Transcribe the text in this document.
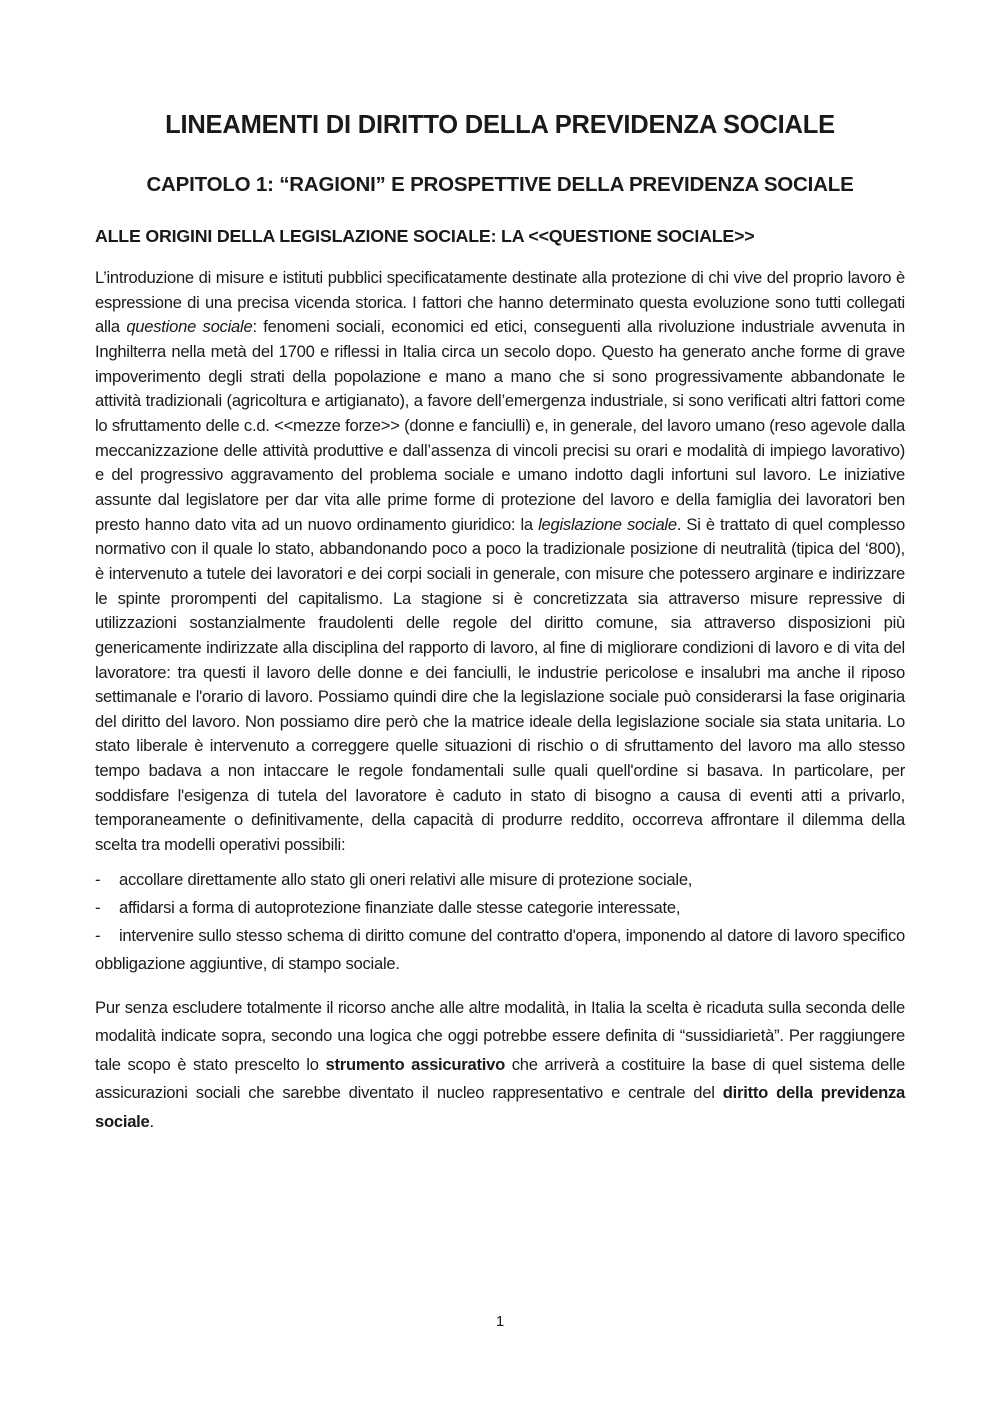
LINEAMENTI DI DIRITTO DELLA PREVIDENZA SOCIALE
CAPITOLO 1: “RAGIONI” E PROSPETTIVE DELLA PREVIDENZA SOCIALE
ALLE ORIGINI DELLA LEGISLAZIONE SOCIALE: LA <<QUESTIONE SOCIALE>>

L’introduzione di misure e istituti pubblici specificatamente destinate alla protezione di chi vive del proprio lavoro è espressione di una precisa vicenda storica. I fattori che hanno determinato questa evoluzione sono tutti collegati alla questione sociale: fenomeni sociali, economici ed etici, conseguenti alla rivoluzione industriale avvenuta in Inghilterra nella metà del 1700 e riflessi in Italia circa un secolo dopo. Questo ha generato anche forme di grave impoverimento degli strati della popolazione e mano a mano che si sono progressivamente abbandonate le attività tradizionali (agricoltura e artigianato), a favore dell’emergenza industriale, si sono verificati altri fattori come lo sfruttamento delle c.d. <<mezze forze>> (donne e fanciulli) e, in generale, del lavoro umano (reso agevole dalla meccanizzazione delle attività produttive e dall’assenza di vincoli precisi su orari e modalità di impiego lavorativo) e del progressivo aggravamento del problema sociale e umano indotto dagli infortuni sul lavoro. Le iniziative assunte dal legislatore per dar vita alle prime forme di protezione del lavoro e della famiglia dei lavoratori ben presto hanno dato vita ad un nuovo ordinamento giuridico: la legislazione sociale. Si è trattato di quel complesso normativo con il quale lo stato, abbandonando poco a poco la tradizionale posizione di neutralità (tipica del ‘800), è intervenuto a tutele dei lavoratori e dei corpi sociali in generale, con misure che potessero arginare e indirizzare le spinte prorompenti del capitalismo. La stagione si è concretizzata sia attraverso misure repressive di utilizzazioni sostanzialmente fraudolenti delle regole del diritto comune, sia attraverso disposizioni più genericamente indirizzate alla disciplina del rapporto di lavoro, al fine di migliorare condizioni di lavoro e di vita del lavoratore: tra questi il lavoro delle donne e dei fanciulli, le industrie pericolose e insalubri ma anche il riposo settimanale e l'orario di lavoro. Possiamo quindi dire che la legislazione sociale può considerarsi la fase originaria del diritto del lavoro. Non possiamo dire però che la matrice ideale della legislazione sociale sia stata unitaria. Lo stato liberale è intervenuto a correggere quelle situazioni di rischio o di sfruttamento del lavoro ma allo stesso tempo badava a non intaccare le regole fondamentali sulle quali quell'ordine si basava. In particolare, per soddisfare l'esigenza di tutela del lavoratore è caduto in stato di bisogno a causa di eventi atti a privarlo, temporaneamente o definitivamente, della capacità di produrre reddito, occorreva affrontare il dilemma della scelta tra modelli operativi possibili:

- accollare direttamente allo stato gli oneri relativi alle misure di protezione sociale,
- affidarsi a forma di autoprotezione finanziate dalle stesse categorie interessate,
- intervenire sullo stesso schema di diritto comune del contratto d'opera, imponendo al datore di lavoro specifico obbligazione aggiuntive, di stampo sociale.

Pur senza escludere totalmente il ricorso anche alle altre modalità, in Italia la scelta è ricaduta sulla seconda delle modalità indicate sopra, secondo una logica che oggi potrebbe essere definita di “sussidiarietà”. Per raggiungere tale scopo è stato prescelto lo strumento assicurativo che arriverà a costituire la base di quel sistema delle assicurazioni sociali che sarebbe diventato il nucleo rappresentativo e centrale del diritto della previdenza sociale.

1
